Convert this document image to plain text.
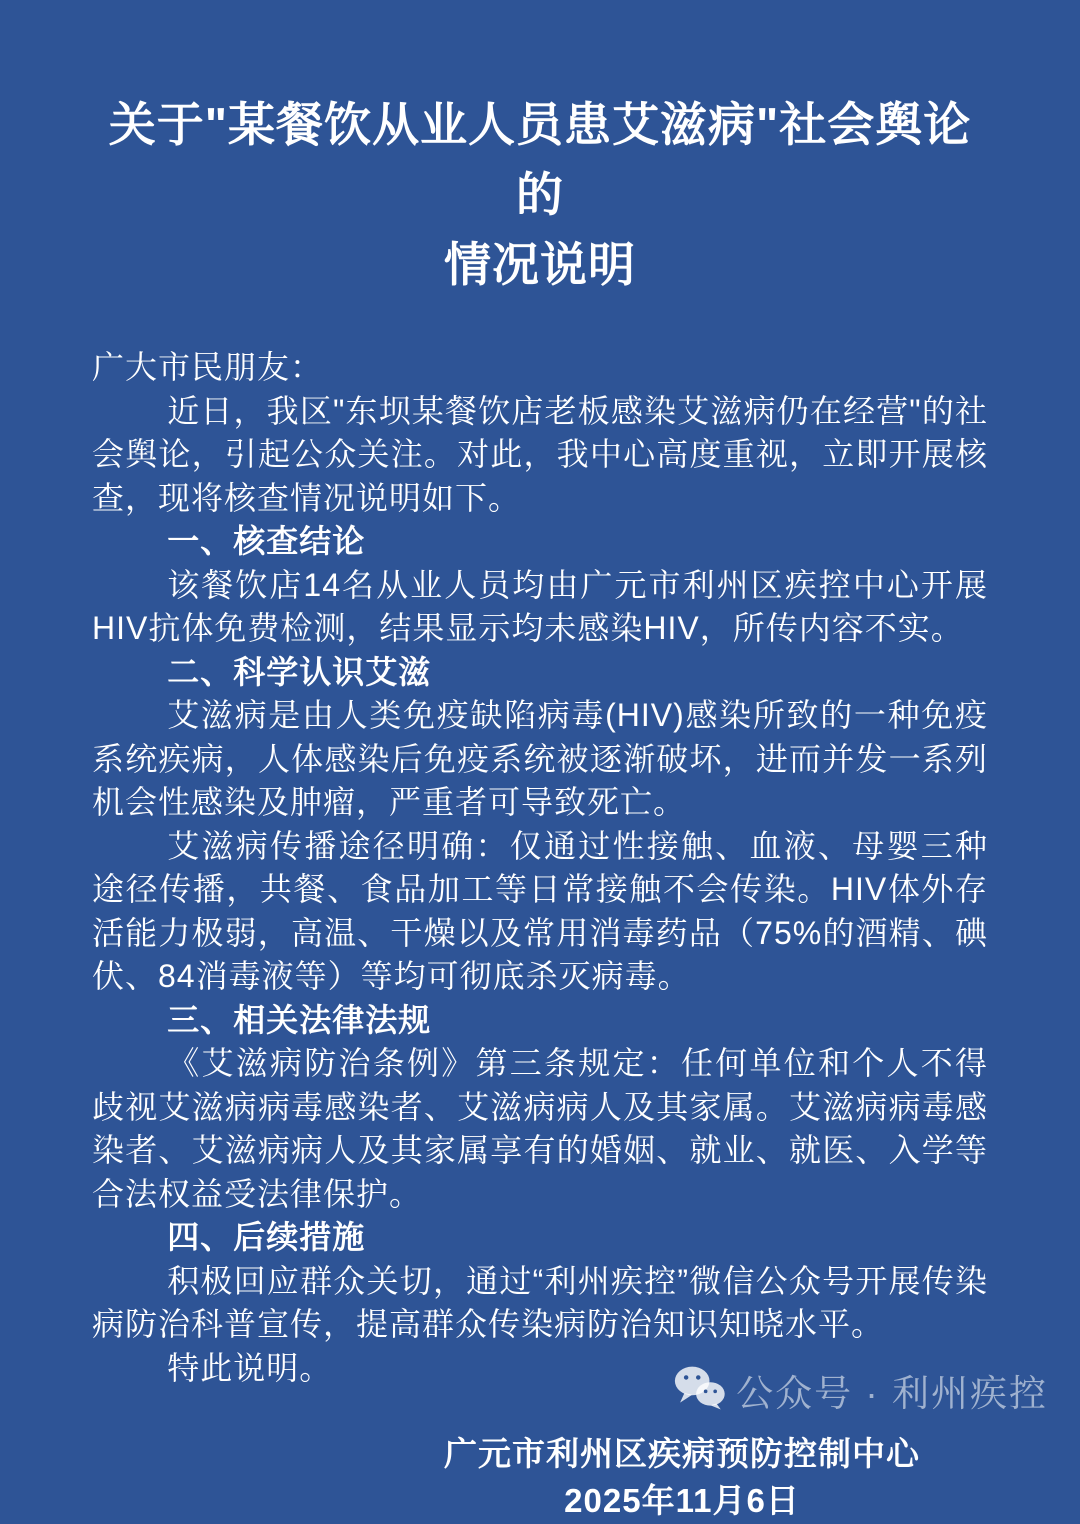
关于"某餐饮从业人员患艾滋病"社会舆论的
情况说明

广大市民朋友：

近日，我区"东坝某餐饮店老板感染艾滋病仍在经营"的社会舆论，引起公众关注。对此，我中心高度重视，立即开展核查，现将核查情况说明如下。

一、核查结论

该餐饮店14名从业人员均由广元市利州区疾控中心开展HIV抗体免费检测，结果显示均未感染HIV，所传内容不实。

二、科学认识艾滋

艾滋病是由人类免疫缺陷病毒(HIV)感染所致的一种免疫系统疾病，人体感染后免疫系统被逐渐破坏，进而并发一系列机会性感染及肿瘤，严重者可导致死亡。

艾滋病传播途径明确：仅通过性接触、血液、母婴三种途径传播，共餐、食品加工等日常接触不会传染。HIV体外存活能力极弱，高温、干燥以及常用消毒药品（75%的酒精、碘伏、84消毒液等）等均可彻底杀灭病毒。

三、相关法律法规

《艾滋病防治条例》第三条规定：任何单位和个人不得歧视艾滋病病毒感染者、艾滋病病人及其家属。艾滋病病毒感染者、艾滋病病人及其家属享有的婚姻、就业、就医、入学等合法权益受法律保护。

四、后续措施

积极回应群众关切，通过“利州疾控”微信公众号开展传染病防治科普宣传，提高群众传染病防治知识知晓水平。

特此说明。

广元市利州区疾病预防控制中心

2025年11月6日

公众号 · 利州疾控
